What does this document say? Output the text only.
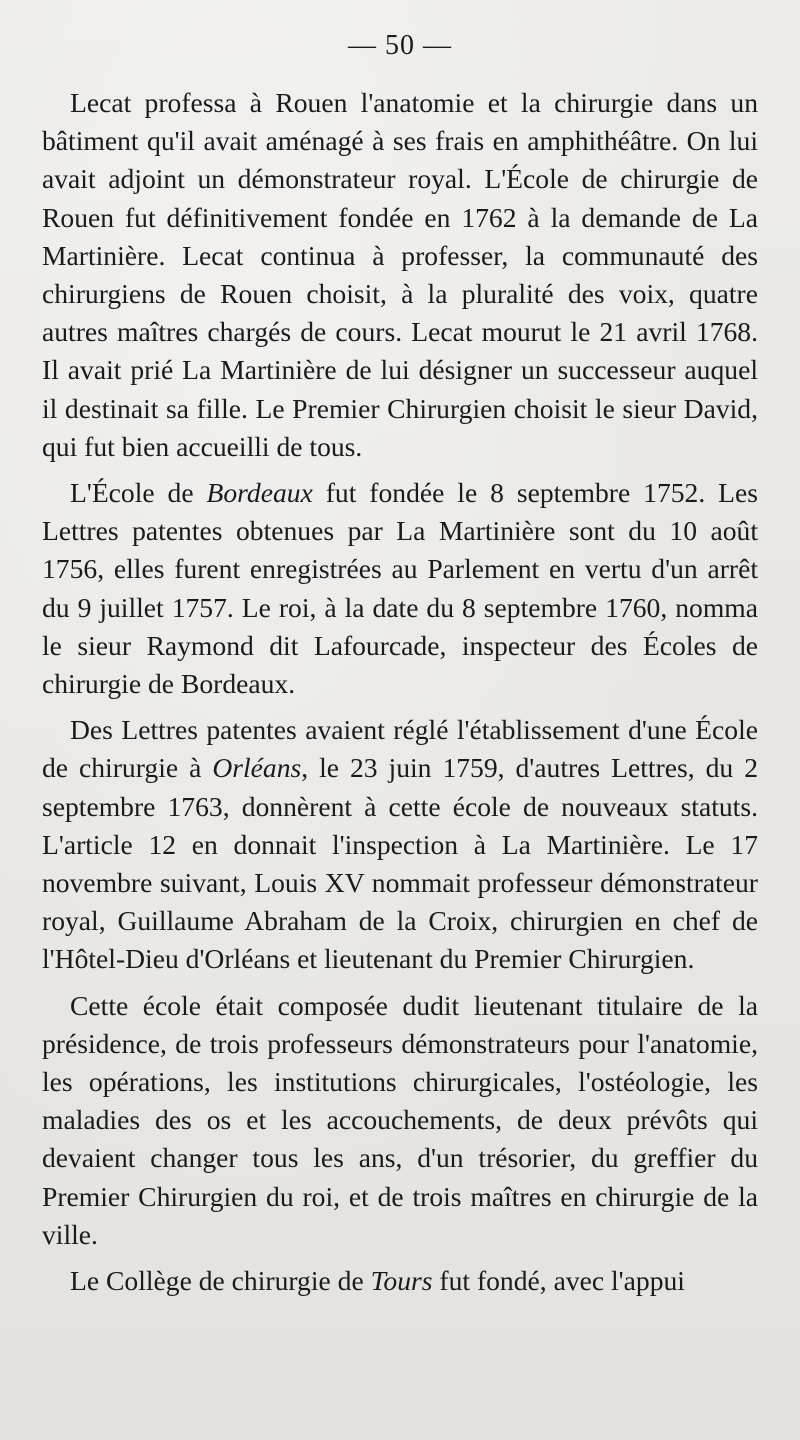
— 50 —

Lecat professa à Rouen l'anatomie et la chirurgie dans un bâtiment qu'il avait aménagé à ses frais en amphithéâtre. On lui avait adjoint un démonstrateur royal. L'École de chirurgie de Rouen fut définitivement fondée en 1762 à la demande de La Martinière. Lecat continua à professer, la communauté des chirurgiens de Rouen choisit, à la pluralité des voix, quatre autres maîtres chargés de cours. Lecat mourut le 21 avril 1768. Il avait prié La Martinière de lui désigner un successeur auquel il destinait sa fille. Le Premier Chirurgien choisit le sieur David, qui fut bien accueilli de tous.

L'École de Bordeaux fut fondée le 8 septembre 1752. Les Lettres patentes obtenues par La Martinière sont du 10 août 1756, elles furent enregistrées au Parlement en vertu d'un arrêt du 9 juillet 1757. Le roi, à la date du 8 septembre 1760, nomma le sieur Raymond dit Lafourcade, inspecteur des Écoles de chirurgie de Bordeaux.

Des Lettres patentes avaient réglé l'établissement d'une École de chirurgie à Orléans, le 23 juin 1759, d'autres Lettres, du 2 septembre 1763, donnèrent à cette école de nouveaux statuts. L'article 12 en donnait l'inspection à La Martinière. Le 17 novembre suivant, Louis XV nommait professeur démonstrateur royal, Guillaume Abraham de la Croix, chirurgien en chef de l'Hôtel-Dieu d'Orléans et lieutenant du Premier Chirurgien.

Cette école était composée dudit lieutenant titulaire de la présidence, de trois professeurs démonstrateurs pour l'anatomie, les opérations, les institutions chirurgicales, l'ostéologie, les maladies des os et les accouchements, de deux prévôts qui devaient changer tous les ans, d'un trésorier, du greffier du Premier Chirurgien du roi, et de trois maîtres en chirurgie de la ville.

Le Collège de chirurgie de Tours fut fondé, avec l'appui
